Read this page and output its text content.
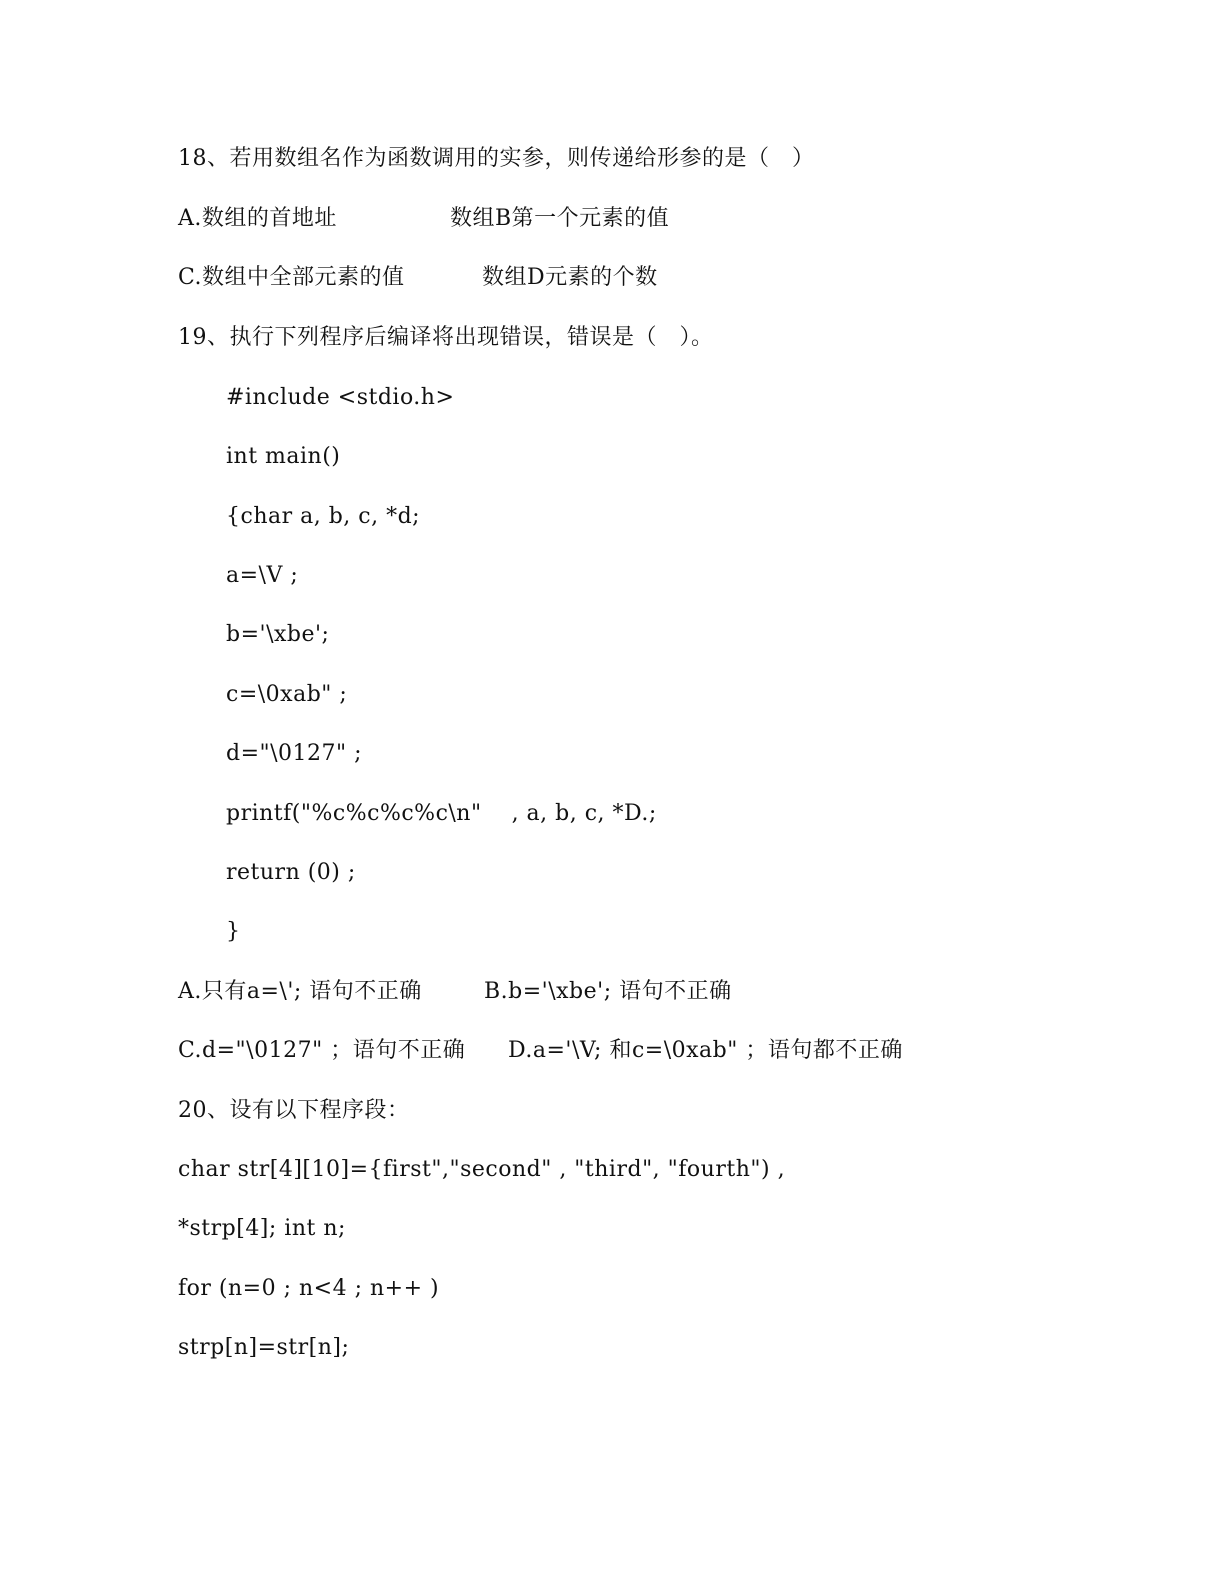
18、若用数组名作为函数调用的实参，则传递给形参的是（   ）
A.数组的首地址	数组B第一个元素的值
C.数组中全部元素的值	数组D元素的个数
19、执行下列程序后编译将出现错误，错误是（   ）。
#include <stdio.h>
int main()
{char a, b, c, *d;
a=\V ;
b='\xbe';
c=\0xab" ;
d="\0127" ;
printf("%c%c%c%c\n"    , a, b, c, *D.;
return (0) ;
}
A.只有a=\'; 语句不正确	B.b='\xbe'; 语句不正确
C.d="\0127" ；语句不正确 D.a='\V; 和c=\0xab" ；语句都不正确
20、设有以下程序段：
char str[4][10]={first","second" , "third", "fourth") ,
*strp[4]; int n;
for (n=0 ; n<4 ; n++ )
strp[n]=str[n];
